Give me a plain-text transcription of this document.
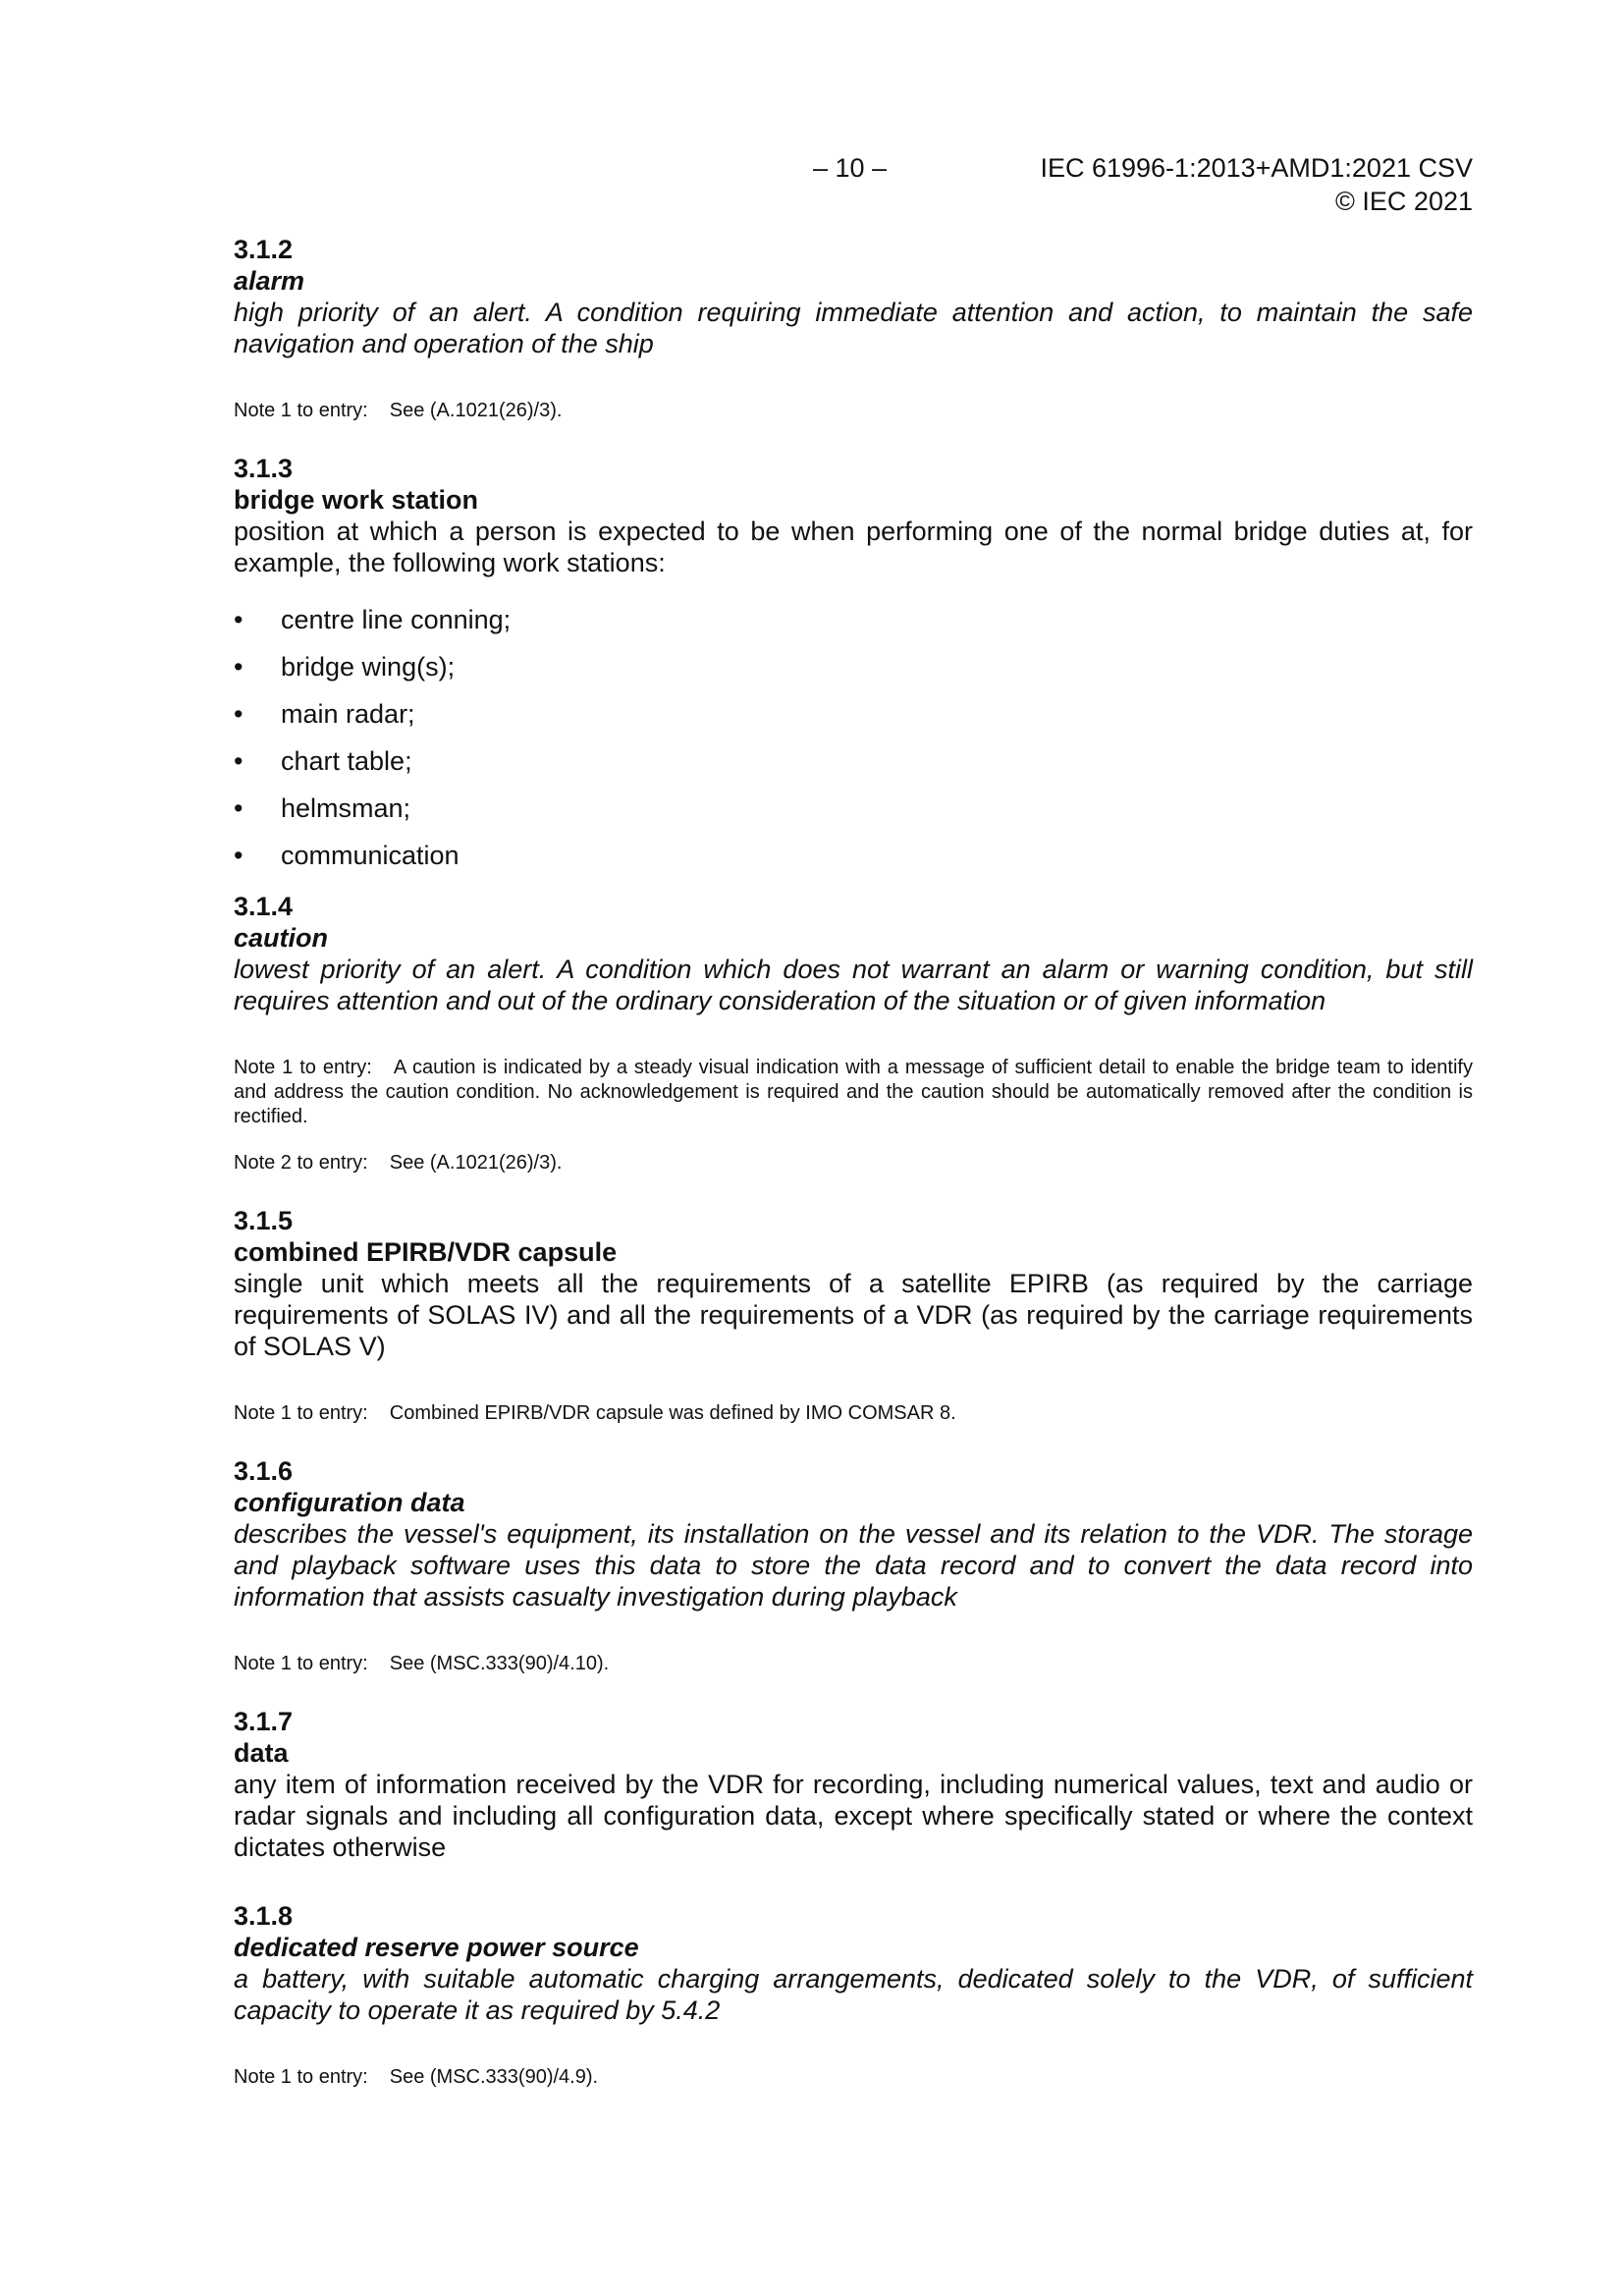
– 10 –	IEC 61996-1:2013+AMD1:2021 CSV
© IEC 2021

3.1.2

alarm

high priority of an alert. A condition requiring immediate attention and action, to maintain the safe navigation and operation of the ship

Note 1 to entry: See (A.1021(26)/3).

3.1.3

bridge work station

position at which a person is expected to be when performing one of the normal bridge duties at, for example, the following work stations:

• centre line conning;
• bridge wing(s);
• main radar;
• chart table;
• helmsman;
• communication

3.1.4

caution

lowest priority of an alert. A condition which does not warrant an alarm or warning condition, but still requires attention and out of the ordinary consideration of the situation or of given information

Note 1 to entry: A caution is indicated by a steady visual indication with a message of sufficient detail to enable the bridge team to identify and address the caution condition. No acknowledgement is required and the caution should be automatically removed after the condition is rectified.

Note 2 to entry: See (A.1021(26)/3).

3.1.5

combined EPIRB/VDR capsule

single unit which meets all the requirements of a satellite EPIRB (as required by the carriage requirements of SOLAS IV) and all the requirements of a VDR (as required by the carriage requirements of SOLAS V)

Note 1 to entry: Combined EPIRB/VDR capsule was defined by IMO COMSAR 8.

3.1.6

configuration data

describes the vessel's equipment, its installation on the vessel and its relation to the VDR. The storage and playback software uses this data to store the data record and to convert the data record into information that assists casualty investigation during playback

Note 1 to entry: See (MSC.333(90)/4.10).

3.1.7

data

any item of information received by the VDR for recording, including numerical values, text and audio or radar signals and including all configuration data, except where specifically stated or where the context dictates otherwise

3.1.8

dedicated reserve power source

a battery, with suitable automatic charging arrangements, dedicated solely to the VDR, of sufficient capacity to operate it as required by 5.4.2

Note 1 to entry: See (MSC.333(90)/4.9).
